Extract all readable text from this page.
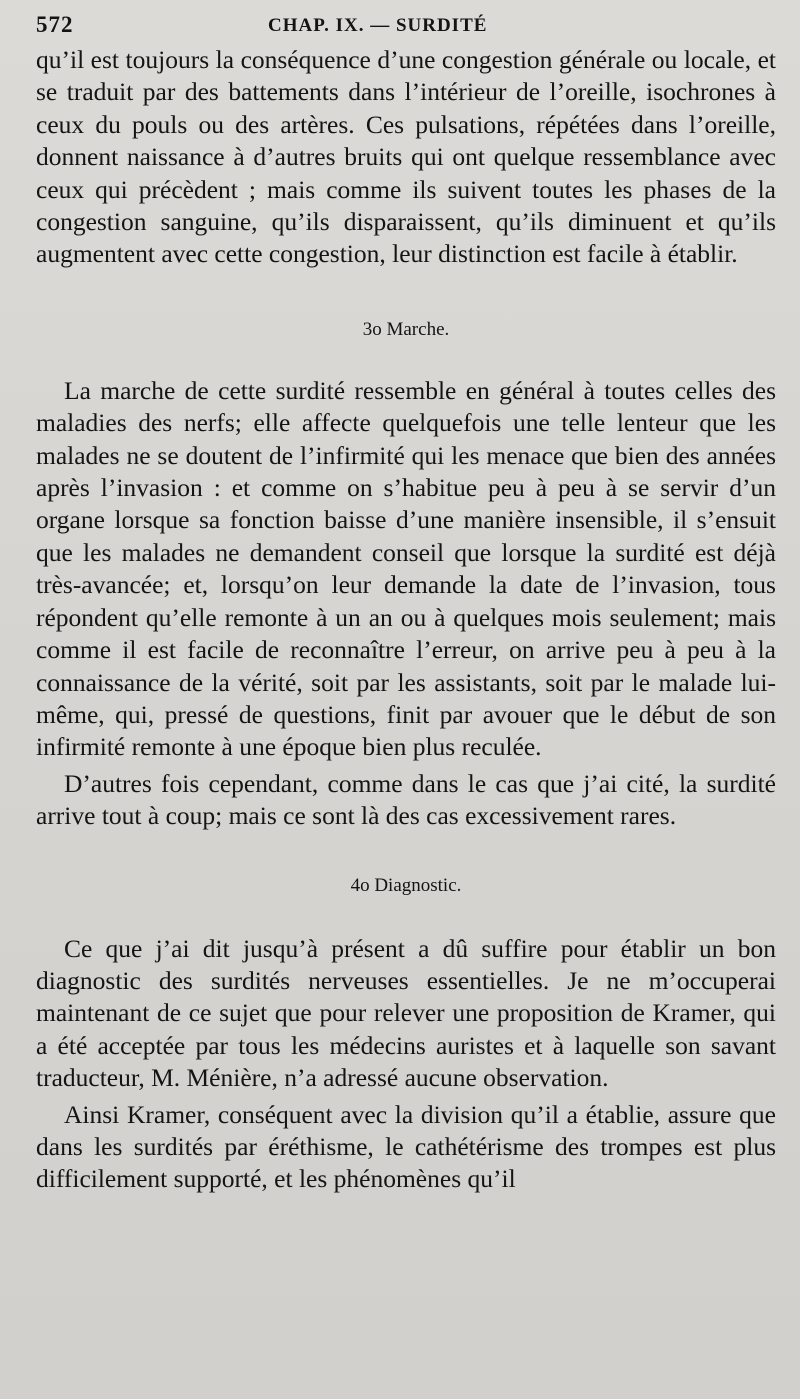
572	CHAP. IX. — SURDITÉ

qu’il est toujours la conséquence d’une congestion générale ou locale, et se traduit par des battements dans l’intérieur de l’oreille, isochrones à ceux du pouls ou des artères. Ces pulsations, répétées dans l’oreille, donnent naissance à d’autres bruits qui ont quelque ressemblance avec ceux qui précèdent ; mais comme ils suivent toutes les phases de la congestion sanguine, qu’ils disparaissent, qu’ils diminuent et qu’ils augmentent avec cette congestion, leur distinction est facile à établir.

3o Marche.

La marche de cette surdité ressemble en général à toutes celles des maladies des nerfs; elle affecte quelquefois une telle lenteur que les malades ne se doutent de l’infirmité qui les menace que bien des années après l’invasion : et comme on s’habitue peu à peu à se servir d’un organe lorsque sa fonction baisse d’une manière insensible, il s’ensuit que les malades ne demandent conseil que lorsque la surdité est déjà très-avancée; et, lorsqu’on leur demande la date de l’invasion, tous répondent qu’elle remonte à un an ou à quelques mois seulement; mais comme il est facile de reconnaître l’erreur, on arrive peu à peu à la connaissance de la vérité, soit par les assistants, soit par le malade lui-même, qui, pressé de questions, finit par avouer que le début de son infirmité remonte à une époque bien plus reculée.

D’autres fois cependant, comme dans le cas que j’ai cité, la surdité arrive tout à coup; mais ce sont là des cas excessivement rares.

4o Diagnostic.

Ce que j’ai dit jusqu’à présent a dû suffire pour établir un bon diagnostic des surdités nerveuses essentielles. Je ne m’occuperai maintenant de ce sujet que pour relever une proposition de Kramer, qui a été acceptée par tous les médecins auristes et à laquelle son savant traducteur, M. Ménière, n’a adressé aucune observation.

Ainsi Kramer, conséquent avec la division qu’il a établie, assure que dans les surdités par éréthisme, le cathétérisme des trompes est plus difficilement supporté, et les phénomènes qu’il
